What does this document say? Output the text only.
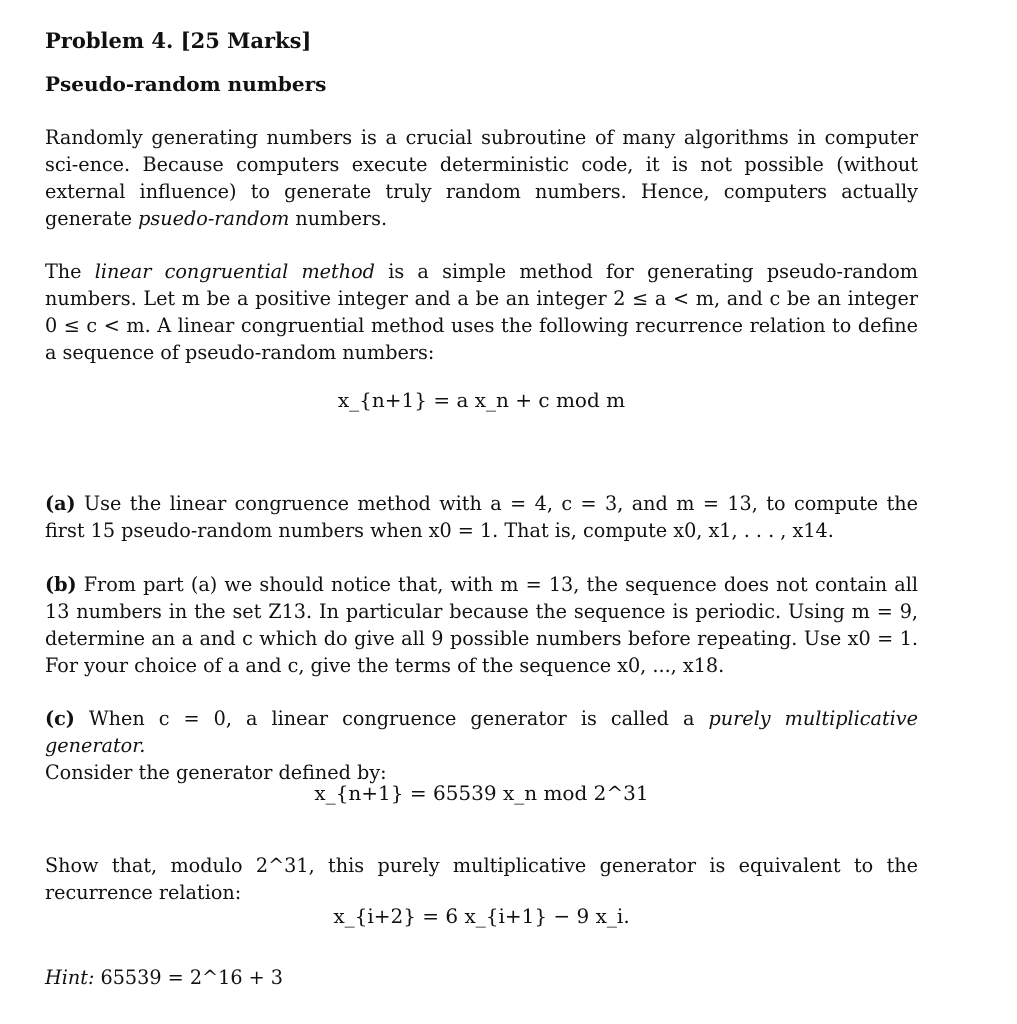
Problem 4. [25 Marks]
Pseudo-random numbers
Randomly generating numbers is a crucial subroutine of many algorithms in computer sci-ence. Because computers execute deterministic code, it is not possible (without external influence) to generate truly random numbers. Hence, computers actually generate psuedo-random numbers.
The linear congruential method is a simple method for generating pseudo-random numbers. Let m be a positive integer and a be an integer 2 ≤ a < m, and c be an integer 0 ≤ c < m. A linear congruential method uses the following recurrence relation to define a sequence of pseudo-random numbers:
x_{n+1} = a x_n + c mod m
(a) Use the linear congruence method with a = 4, c = 3, and m = 13, to compute the first 15 pseudo-random numbers when x0 = 1. That is, compute x0, x1, . . . , x14.
(b) From part (a) we should notice that, with m = 13, the sequence does not contain all 13 numbers in the set Z13. In particular because the sequence is periodic. Using m = 9, determine an a and c which do give all 9 possible numbers before repeating. Use x0 = 1. For your choice of a and c, give the terms of the sequence x0, ..., x18.
(c) When c = 0, a linear congruence generator is called a purely multiplicative generator.
Consider the generator defined by:
x_{n+1} = 65539 x_n mod 2^31
Show that, modulo 2^31, this purely multiplicative generator is equivalent to the recurrence relation:
x_{i+2} = 6 x_{i+1} − 9 x_i.
Hint: 65539 = 2^16 + 3
